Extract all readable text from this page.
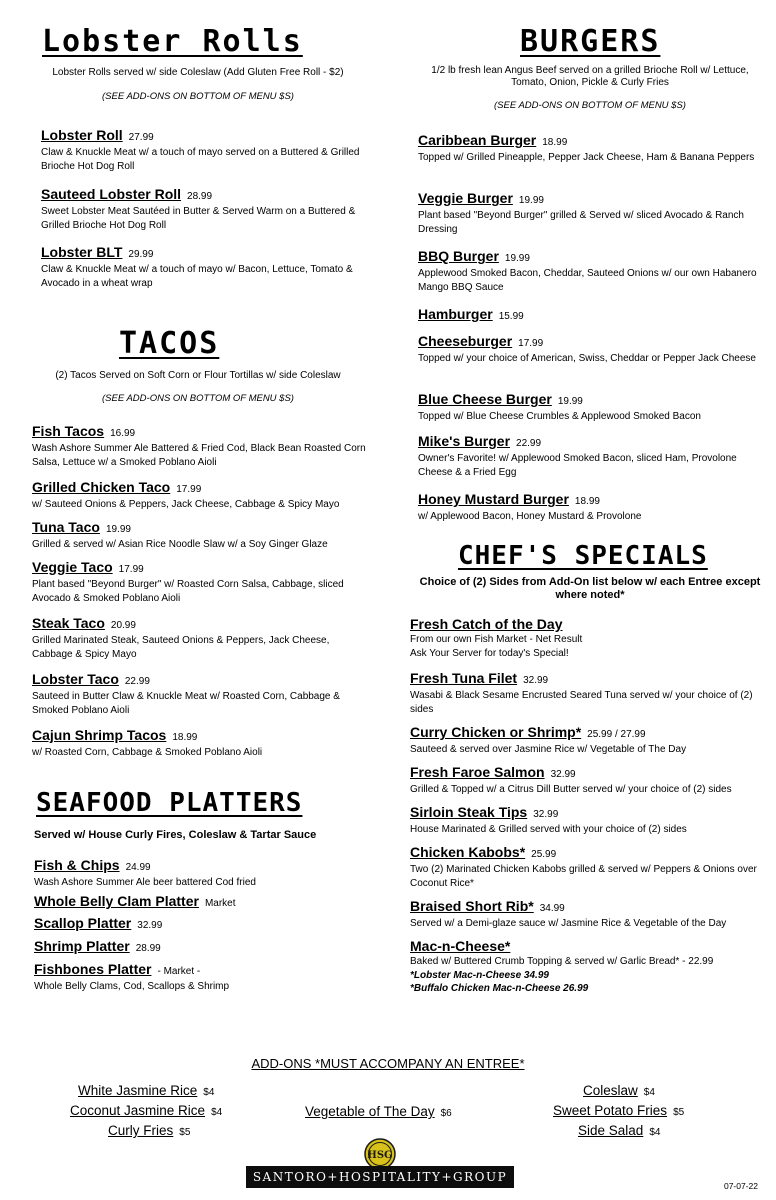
Lobster Rolls
Lobster Rolls served w/ side Coleslaw (Add Gluten Free Roll - $2)
(SEE ADD-ONS ON BOTTOM OF MENU $S)
Lobster Roll 27.99
Claw & Knuckle Meat w/ a touch of mayo served on a Buttered & Grilled Brioche Hot Dog Roll
Sauteed Lobster Roll 28.99
Sweet Lobster Meat Sautéed in Butter & Served Warm on a Buttered & Grilled Brioche Hot Dog Roll
Lobster BLT 29.99
Claw & Knuckle Meat w/ a touch of mayo w/ Bacon, Lettuce, Tomato & Avocado in a wheat wrap
TACOS
(2) Tacos Served on Soft Corn or Flour Tortillas w/ side Coleslaw
(SEE ADD-ONS ON BOTTOM OF MENU $S)
Fish Tacos 16.99
Wash Ashore Summer Ale Battered & Fried Cod, Black Bean Roasted Corn Salsa, Lettuce w/ a Smoked Poblano Aioli
Grilled Chicken Taco 17.99
w/ Sauteed Onions & Peppers, Jack Cheese, Cabbage & Spicy Mayo
Tuna Taco 19.99
Grilled & served w/ Asian Rice Noodle Slaw w/ a Soy Ginger Glaze
Veggie Taco 17.99
Plant based "Beyond Burger" w/ Roasted Corn Salsa, Cabbage, sliced Avocado & Smoked Poblano Aioli
Steak Taco 20.99
Grilled Marinated Steak, Sauteed Onions & Peppers, Jack Cheese, Cabbage & Spicy Mayo
Lobster Taco 22.99
Sauteed in Butter Claw & Knuckle Meat w/ Roasted Corn, Cabbage & Smoked Poblano Aioli
Cajun Shrimp Tacos 18.99
w/ Roasted Corn, Cabbage & Smoked Poblano Aioli
SEAFOOD PLATTERS
Served w/ House Curly Fires, Coleslaw & Tartar Sauce
Fish & Chips 24.99
Wash Ashore Summer Ale beer battered Cod fried
Whole Belly Clam Platter Market
Scallop Platter 32.99
Shrimp Platter 28.99
Fishbones Platter - Market -
Whole Belly Clams, Cod, Scallops & Shrimp
BURGERS
1/2 lb fresh lean Angus Beef served on a grilled Brioche Roll w/ Lettuce, Tomato, Onion, Pickle & Curly Fries
(SEE ADD-ONS ON BOTTOM OF MENU $S)
Caribbean Burger 18.99
Topped w/ Grilled Pineapple, Pepper Jack Cheese, Ham & Banana Peppers
Veggie Burger 19.99
Plant based "Beyond Burger" grilled & Served w/ sliced Avocado & Ranch Dressing
BBQ Burger 19.99
Applewood Smoked Bacon, Cheddar, Sauteed Onions w/ our own Habanero Mango BBQ Sauce
Hamburger 15.99
Cheeseburger 17.99
Topped w/ your choice of American, Swiss, Cheddar or Pepper Jack Cheese
Blue Cheese Burger 19.99
Topped w/ Blue Cheese Crumbles & Applewood Smoked Bacon
Mike's Burger 22.99
Owner's Favorite! w/ Applewood Smoked Bacon, sliced Ham, Provolone Cheese & a Fried Egg
Honey Mustard Burger 18.99
w/ Applewood Bacon, Honey Mustard & Provolone
CHEF'S SPECIALS
Choice of (2) Sides from Add-On list below w/ each Entree except where noted*
Fresh Catch of the Day
From our own Fish Market - Net Result
Ask Your Server for today's Special!
Fresh Tuna Filet 32.99
Wasabi & Black Sesame Encrusted Seared Tuna served w/ your choice of (2) sides
Curry Chicken or Shrimp* 25.99 / 27.99
Sauteed & served over Jasmine Rice w/ Vegetable of The Day
Fresh Faroe Salmon 32.99
Grilled & Topped w/ a Citrus Dill Butter served w/ your choice of (2) sides
Sirloin Steak Tips 32.99
House Marinated & Grilled served with your choice of (2) sides
Chicken Kabobs* 25.99
Two (2) Marinated Chicken Kabobs grilled & served w/ Peppers & Onions over Coconut Rice*
Braised Short Rib* 34.99
Served w/ a Demi-glaze sauce w/ Jasmine Rice & Vegetable of the Day
Mac-n-Cheese*
Baked w/ Buttered Crumb Topping & served w/ Garlic Bread* - 22.99
*Lobster Mac-n-Cheese 34.99
*Buffalo Chicken Mac-n-Cheese 26.99
ADD-ONS *MUST ACCOMPANY AN ENTREE*
White Jasmine Rice $4
Coconut Jasmine Rice $4
Curly Fries $5
Vegetable of The Day $6
Coleslaw $4
Sweet Potato Fries $5
Side Salad $4
HSG
SANTORO+HOSPITALITY+GROUP
07-07-22
